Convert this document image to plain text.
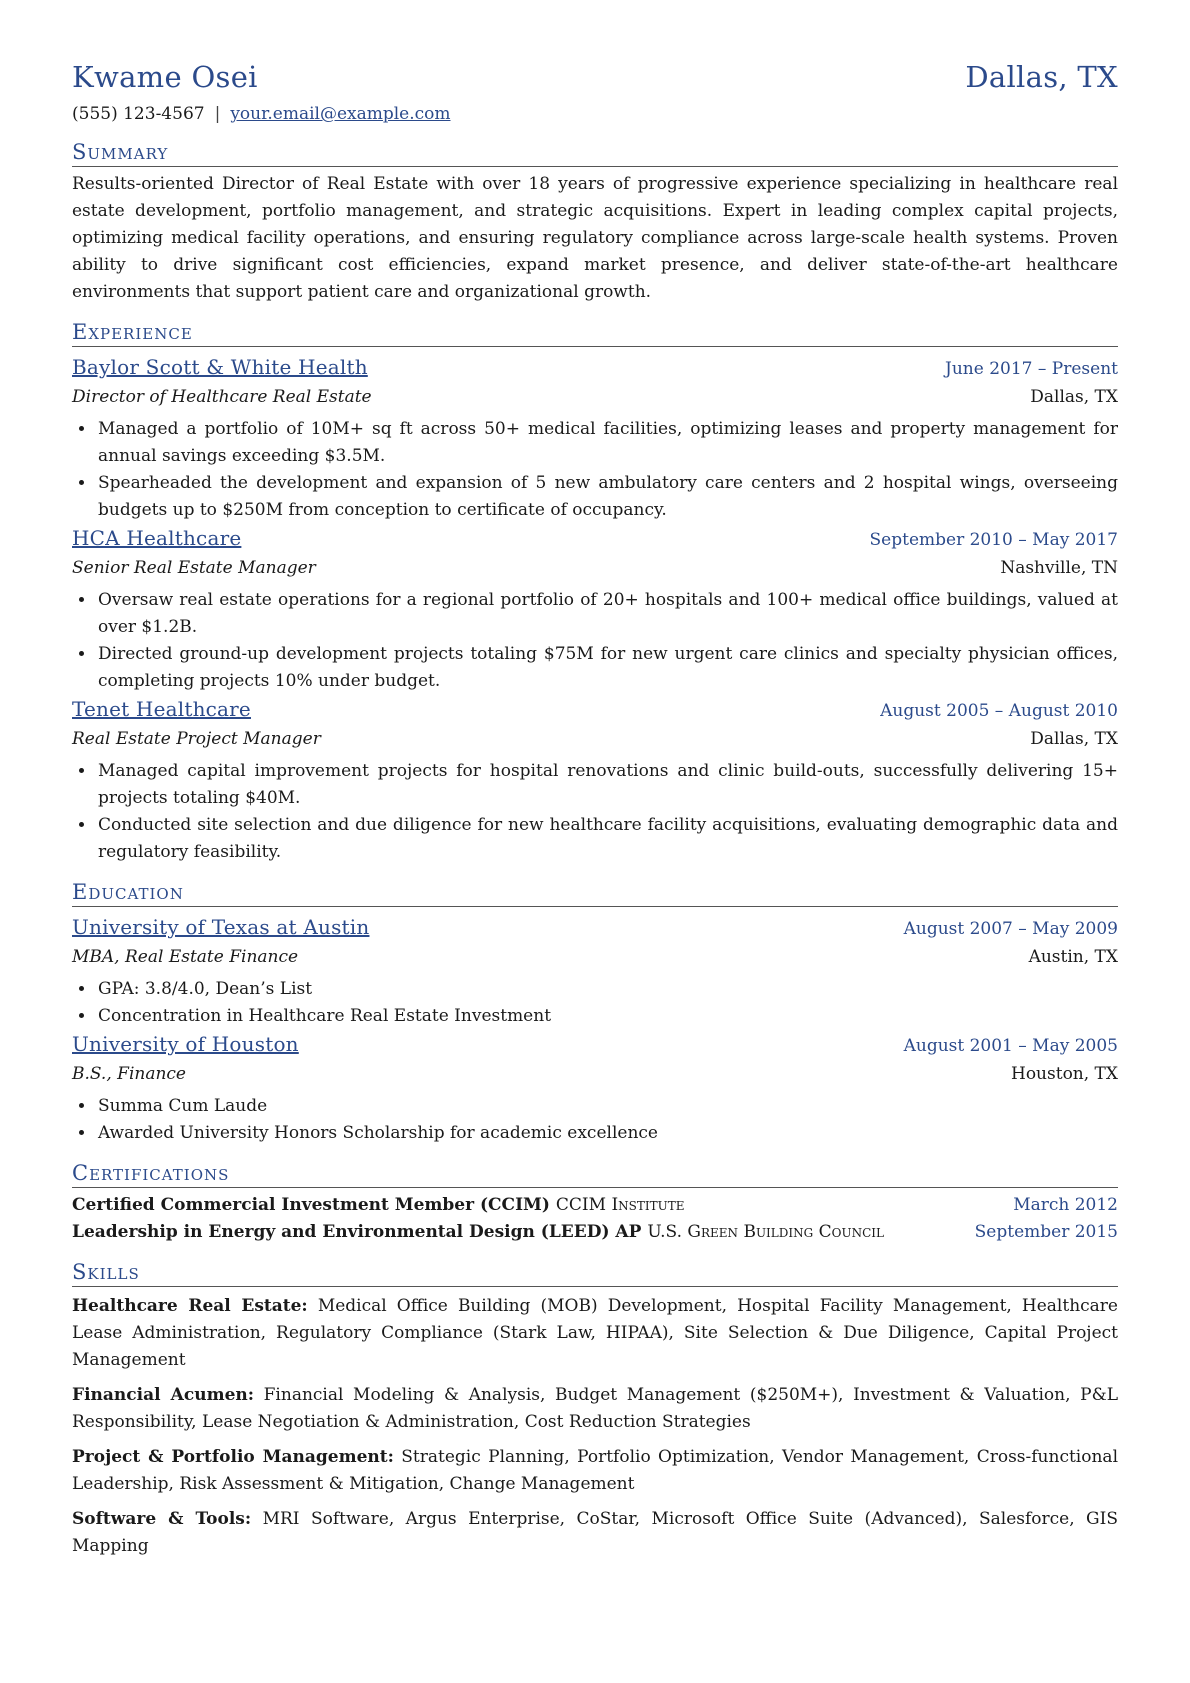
Kwame Osei	Dallas, TX
(555) 123-4567 | your.email@example.com
Summary
Results-oriented Director of Real Estate with over 18 years of progressive experience specializing in healthcare real estate development, portfolio management, and strategic acquisitions. Expert in leading complex capital projects, optimizing medical facility operations, and ensuring regulatory compliance across large-scale health systems. Proven ability to drive significant cost efficiencies, expand market presence, and deliver state-of-the-art healthcare environments that support patient care and organizational growth.
Experience
Baylor Scott & White Health	June 2017 – Present
Director of Healthcare Real Estate	Dallas, TX
• Managed a portfolio of 10M+ sq ft across 50+ medical facilities, optimizing leases and property management for annual savings exceeding $3.5M.
• Spearheaded the development and expansion of 5 new ambulatory care centers and 2 hospital wings, overseeing budgets up to $250M from conception to certificate of occupancy.
HCA Healthcare	September 2010 – May 2017
Senior Real Estate Manager	Nashville, TN
• Oversaw real estate operations for a regional portfolio of 20+ hospitals and 100+ medical office buildings, valued at over $1.2B.
• Directed ground-up development projects totaling $75M for new urgent care clinics and specialty physician offices, completing projects 10% under budget.
Tenet Healthcare	August 2005 – August 2010
Real Estate Project Manager	Dallas, TX
• Managed capital improvement projects for hospital renovations and clinic build-outs, successfully delivering 15+ projects totaling $40M.
• Conducted site selection and due diligence for new healthcare facility acquisitions, evaluating demographic data and regulatory feasibility.
Education
University of Texas at Austin	August 2007 – May 2009
MBA, Real Estate Finance	Austin, TX
• GPA: 3.8/4.0, Dean’s List
• Concentration in Healthcare Real Estate Investment
University of Houston	August 2001 – May 2005
B.S., Finance	Houston, TX
• Summa Cum Laude
• Awarded University Honors Scholarship for academic excellence
Certifications
Certified Commercial Investment Member (CCIM) CCIM Institute	March 2012
Leadership in Energy and Environmental Design (LEED) AP U.S. Green Building Council	September 2015
Skills
Healthcare Real Estate: Medical Office Building (MOB) Development, Hospital Facility Management, Healthcare Lease Administration, Regulatory Compliance (Stark Law, HIPAA), Site Selection & Due Diligence, Capital Project Management
Financial Acumen: Financial Modeling & Analysis, Budget Management ($250M+), Investment & Valuation, P&L Responsibility, Lease Negotiation & Administration, Cost Reduction Strategies
Project & Portfolio Management: Strategic Planning, Portfolio Optimization, Vendor Management, Cross-functional Leadership, Risk Assessment & Mitigation, Change Management
Software & Tools: MRI Software, Argus Enterprise, CoStar, Microsoft Office Suite (Advanced), Salesforce, GIS Mapping
